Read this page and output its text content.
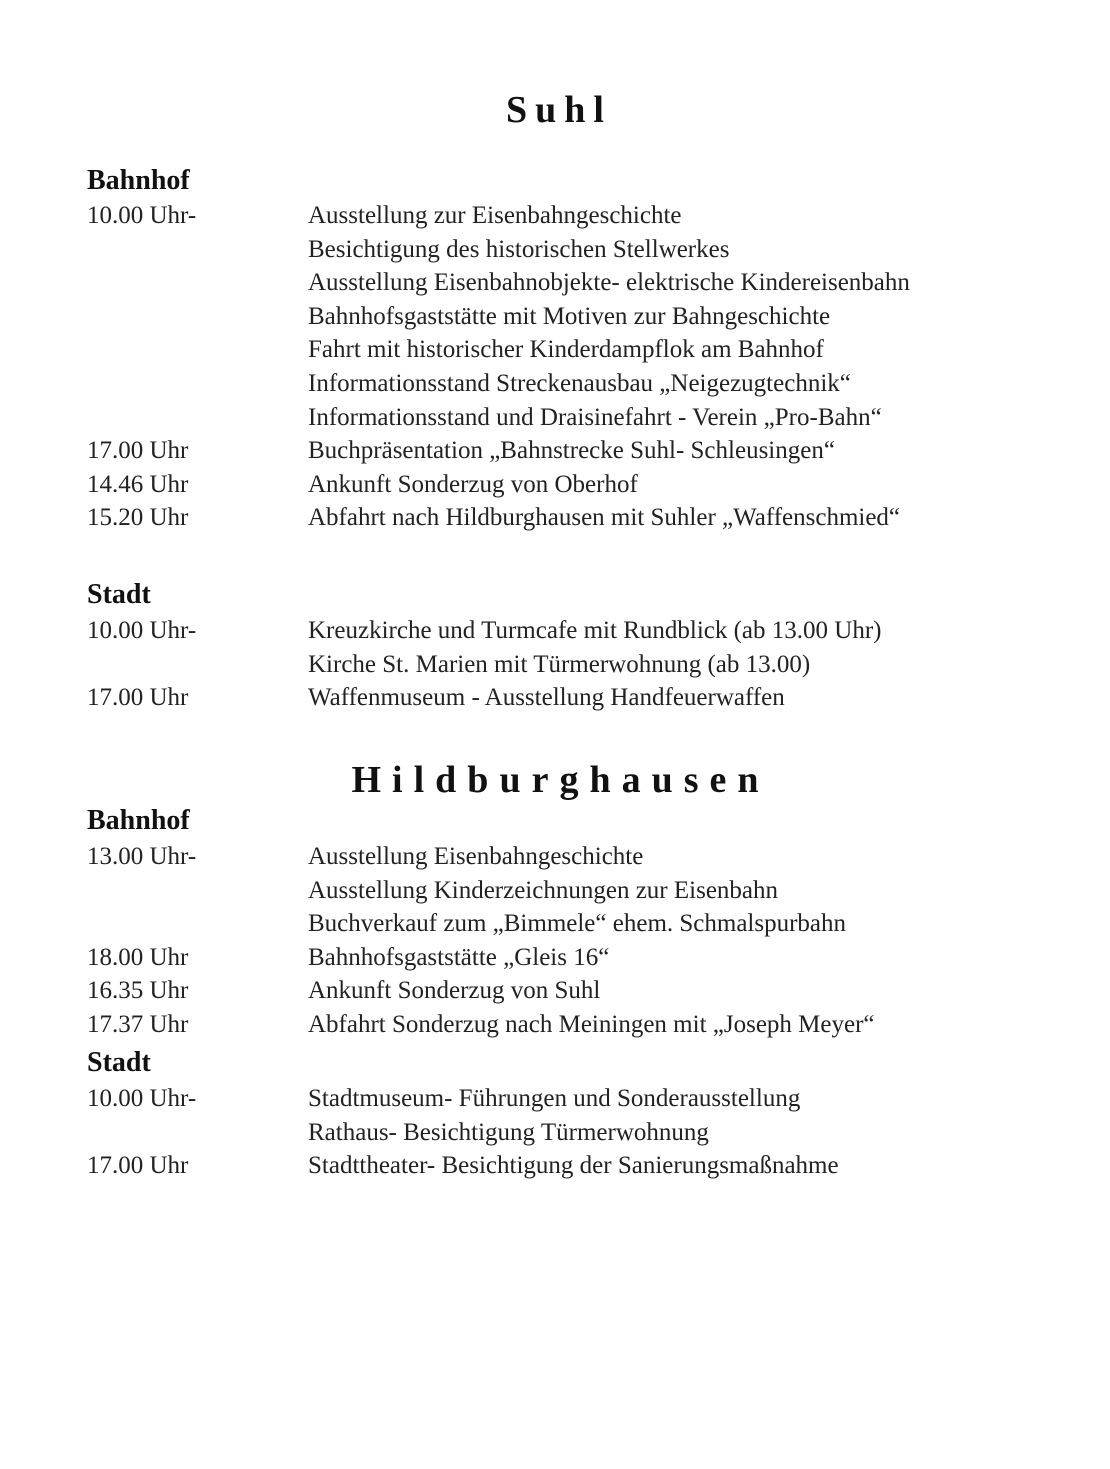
Suhl
Bahnhof
10.00 Uhr-	Ausstellung zur Eisenbahngeschichte
Besichtigung des historischen Stellwerkes
Ausstellung Eisenbahnobjekte- elektrische Kindereisenbahn
Bahnhofsgaststätte mit Motiven zur Bahngeschichte
Fahrt mit historischer Kinderdampflok am Bahnhof
Informationsstand Streckenausbau „Neigezugtechnik“
Informationsstand und Draisinefahrt - Verein „Pro-Bahn“
17.00 Uhr	Buchpräsentation „Bahnstrecke Suhl- Schleusingen“
14.46 Uhr	Ankunft Sonderzug von Oberhof
15.20 Uhr	Abfahrt nach Hildburghausen mit Suhler „Waffenschmied“
Stadt
10.00 Uhr-	Kreuzkirche und Turmcafe mit Rundblick (ab 13.00 Uhr)
Kirche St. Marien mit Türmerwohnung (ab 13.00)
17.00 Uhr	Waffenmuseum - Ausstellung Handfeuerwaffen
Hildburghausen
Bahnhof
13.00 Uhr-	Ausstellung Eisenbahngeschichte
Ausstellung Kinderzeichnungen zur Eisenbahn
Buchverkauf zum „Bimmele“ ehem. Schmalspurbahn
18.00 Uhr	Bahnhofsgaststätte „Gleis 16“
16.35 Uhr	Ankunft Sonderzug von Suhl
17.37 Uhr	Abfahrt Sonderzug nach Meiningen mit „Joseph Meyer“
Stadt
10.00 Uhr-	Stadtmuseum- Führungen und Sonderausstellung
Rathaus- Besichtigung Türmerwohnung
17.00 Uhr	Stadttheater- Besichtigung der Sanierungsmaßnahme
